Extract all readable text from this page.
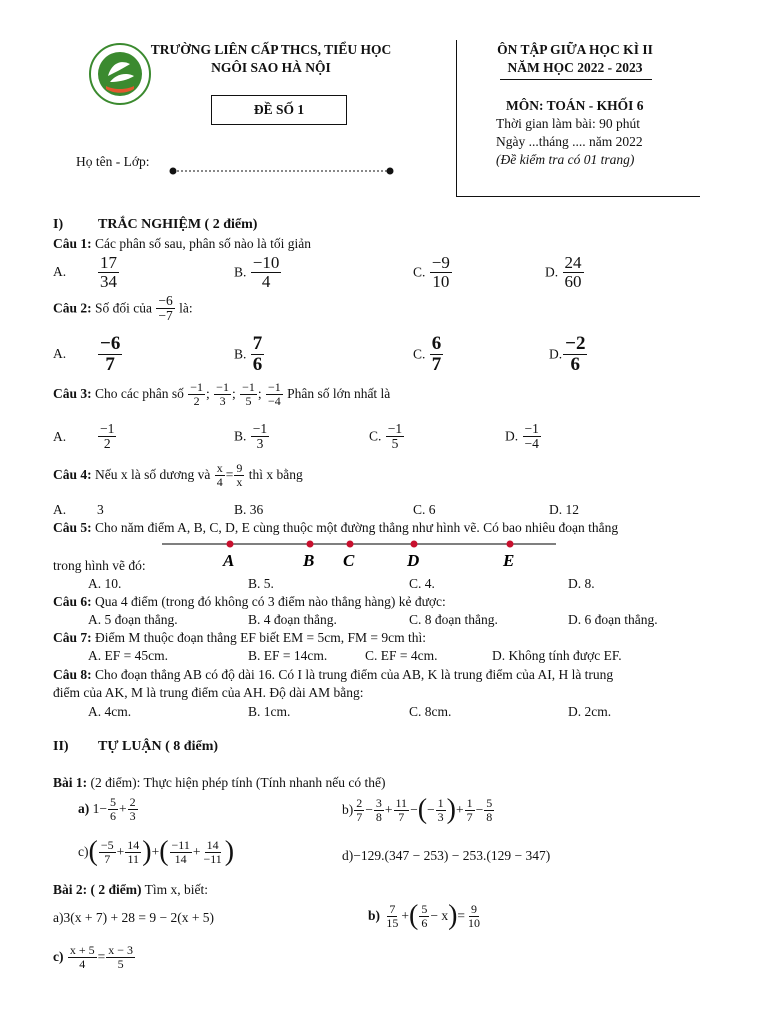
TRƯỜNG LIÊN CẤP THCS, TIỂU HỌC
NGÔI SAO HÀ NỘI
ĐỀ SỐ 1
Họ tên - Lớp:
ÔN TẬP GIỮA HỌC KÌ II
NĂM HỌC 2022 - 2023
MÔN: TOÁN - KHỐI 6
Thời gian làm bài: 90 phút
Ngày ...tháng .... năm 2022
(Đề kiểm tra có 01 trang)
I) TRẮC NGHIỆM ( 2 điểm)
Câu 1: Các phân số sau, phân số nào là tối giản
A. $\frac{17}{34}$	B. $\frac{-10}{4}$	C. $\frac{-9}{10}$	D. $\frac{24}{60}$
Câu 2: Số đối của $\frac{-6}{-7}$ là:
A. $\frac{-6}{7}$	B. $\frac{7}{6}$	C. $\frac{6}{7}$	D. $\frac{-2}{6}$
Câu 3: Cho các phân số $\frac{-1}{2}$ ; $\frac{-1}{3}$ ; $\frac{-1}{5}$ ; $\frac{-1}{-4}$ Phân số lớn nhất là
A. $\frac{-1}{2}$	B. $\frac{-1}{3}$	C. $\frac{-1}{5}$	D. $\frac{-1}{-4}$
Câu 4: Nếu x là số dương và $\frac{x}{4} = \frac{9}{x}$ thì x bằng
A. 3	B. 36	C. 6	D. 12
Câu 5: Cho năm điểm A, B, C, D, E cùng thuộc một đường thẳng như hình vẽ. Có bao nhiêu đoạn thẳng
trong hình vẽ đó:	A	B C	D	E
A. 10.	B. 5.	C. 4.	D. 8.
Câu 6: Qua 4 điểm (trong đó không có 3 điểm nào thẳng hàng) kẻ được:
A. 5 đoạn thẳng.	B. 4 đoạn thẳng.	C. 8 đoạn thẳng.	D. 6 đoạn thẳng.
Câu 7: Điểm M thuộc đoạn thẳng EF biết EM = 5cm, FM = 9cm thì:
A. EF = 45cm.	B. EF = 14cm.	C. EF = 4cm.	D. Không tính được EF.
Câu 8: Cho đoạn thẳng AB có độ dài 16. Có I là trung điểm của AB, K là trung điểm của AI, H là trung
điểm của AK, M là trung điểm của AH. Độ dài AM bằng:
A. 4cm.	B. 1cm.	C. 8cm.	D. 2cm.
II) TỰ LUẬN ( 8 điểm)
Bài 1: (2 điểm): Thực hiện phép tính (Tính nhanh nếu có thể)
a) $1- \frac{5}{6} + \frac{2}{3}$	$b) \frac{2}{7} - \frac{3}{8} + \frac{11}{7}$ −(− $\frac{1}{3}$ )+ $\frac{1}{7} - \frac{5}{8}$
$c)( \frac{-5}{7} + \frac{14}{11}$ )+( $\frac{-11}{14} + \frac{14}{-11}$ )	d)−129.(347 − 253) − 253.(129 − 347)
Bài 2: ( 2 điểm) Tìm x, biết:
a)3(x + 7) + 28 = 9 − 2(x + 5)	$b) \frac{7}{15}$ +( $\frac{5}{6} - x)= \frac{9}{10}$
$c) \frac{x + 5}{4} = \frac{x - 3}{5}$
